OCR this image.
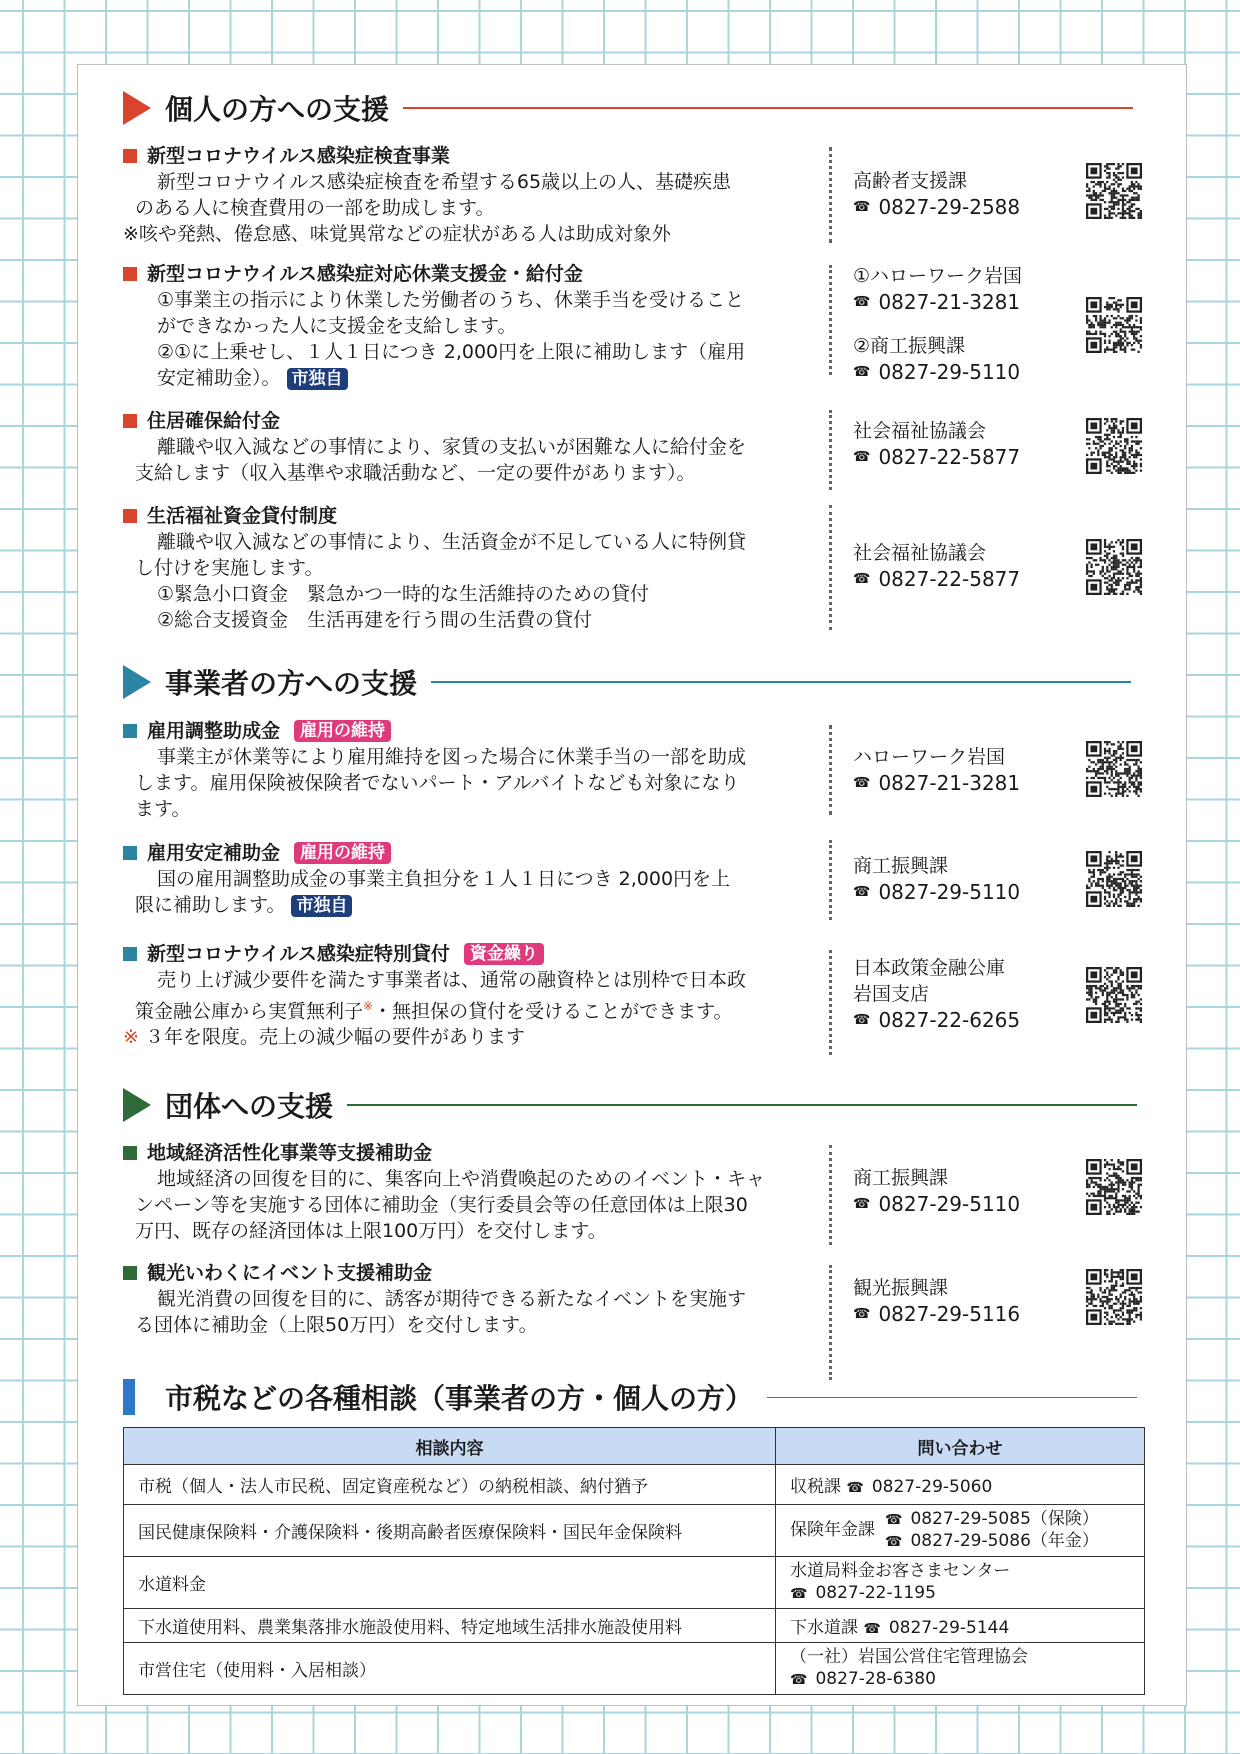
個人の方への支援
新型コロナウイルス感染症検査事業
新型コロナウイルス感染症検査を希望する65歳以上の人、基礎疾患
のある人に検査費用の一部を助成します。
※咳や発熱、倦怠感、味覚異常などの症状がある人は助成対象外
高齢者支援課
☎ 0827-29-2588
新型コロナウイルス感染症対応休業支援金・給付金
①事業主の指示により休業した労働者のうち、休業手当を受けること
ができなかった人に支援金を支給します。
②①に上乗せし、１人１日につき 2,000円を上限に補助します（雇用
安定補助金）。 市独自
①ハローワーク岩国
☎ 0827-21-3281
②商工振興課
☎ 0827-29-5110
住居確保給付金
離職や収入減などの事情により、家賃の支払いが困難な人に給付金を
支給します（収入基準や求職活動など、一定の要件があります）。
社会福祉協議会
☎ 0827-22-5877
生活福祉資金貸付制度
離職や収入減などの事情により、生活資金が不足している人に特例貸
し付けを実施します。
①緊急小口資金　緊急かつ一時的な生活維持のための貸付
②総合支援資金　生活再建を行う間の生活費の貸付
社会福祉協議会
☎ 0827-22-5877
事業者の方への支援
雇用調整助成金	雇用の維持
事業主が休業等により雇用維持を図った場合に休業手当の一部を助成
します。雇用保険被保険者でないパート・アルバイトなども対象になり
ます。
ハローワーク岩国
☎ 0827-21-3281
雇用安定補助金	雇用の維持
国の雇用調整助成金の事業主負担分を１人１日につき 2,000円を上
限に補助します。 市独自
商工振興課
☎ 0827-29-5110
新型コロナウイルス感染症特別貸付	資金繰り
売り上げ減少要件を満たす事業者は、通常の融資枠とは別枠で日本政
策金融公庫から実質無利子※・無担保の貸付を受けることができます。
※ ３年を限度。売上の減少幅の要件があります
日本政策金融公庫
岩国支店
☎ 0827-22-6265
団体への支援
地域経済活性化事業等支援補助金
地域経済の回復を目的に、集客向上や消費喚起のためのイベント・キャ
ンペーン等を実施する団体に補助金（実行委員会等の任意団体は上限30
万円、既存の経済団体は上限100万円）を交付します。
商工振興課
☎ 0827-29-5110
観光いわくにイベント支援補助金
観光消費の回復を目的に、誘客が期待できる新たなイベントを実施す
る団体に補助金（上限50万円）を交付します。
観光振興課
☎ 0827-29-5116
市税などの各種相談（事業者の方・個人の方）
相談内容	問い合わせ
市税（個人・法人市民税、固定資産税など）の納税相談、納付猶予	収税課 ☎ 0827-29-5060
国民健康保険料・介護保険料・後期高齢者医療保険料・国民年金保険料	保険年金課
☎ 0827-29-5085（保険）
☎ 0827-29-5086（年金）

水道料金	水道局料金お客さまセンター
☎ 0827-22-1195

下水道使用料、農業集落排水施設使用料、特定地域生活排水施設使用料	下水道課 ☎ 0827-29-5144
市営住宅（使用料・入居相談）	（一社）岩国公営住宅管理協会
☎ 0827-28-6380
